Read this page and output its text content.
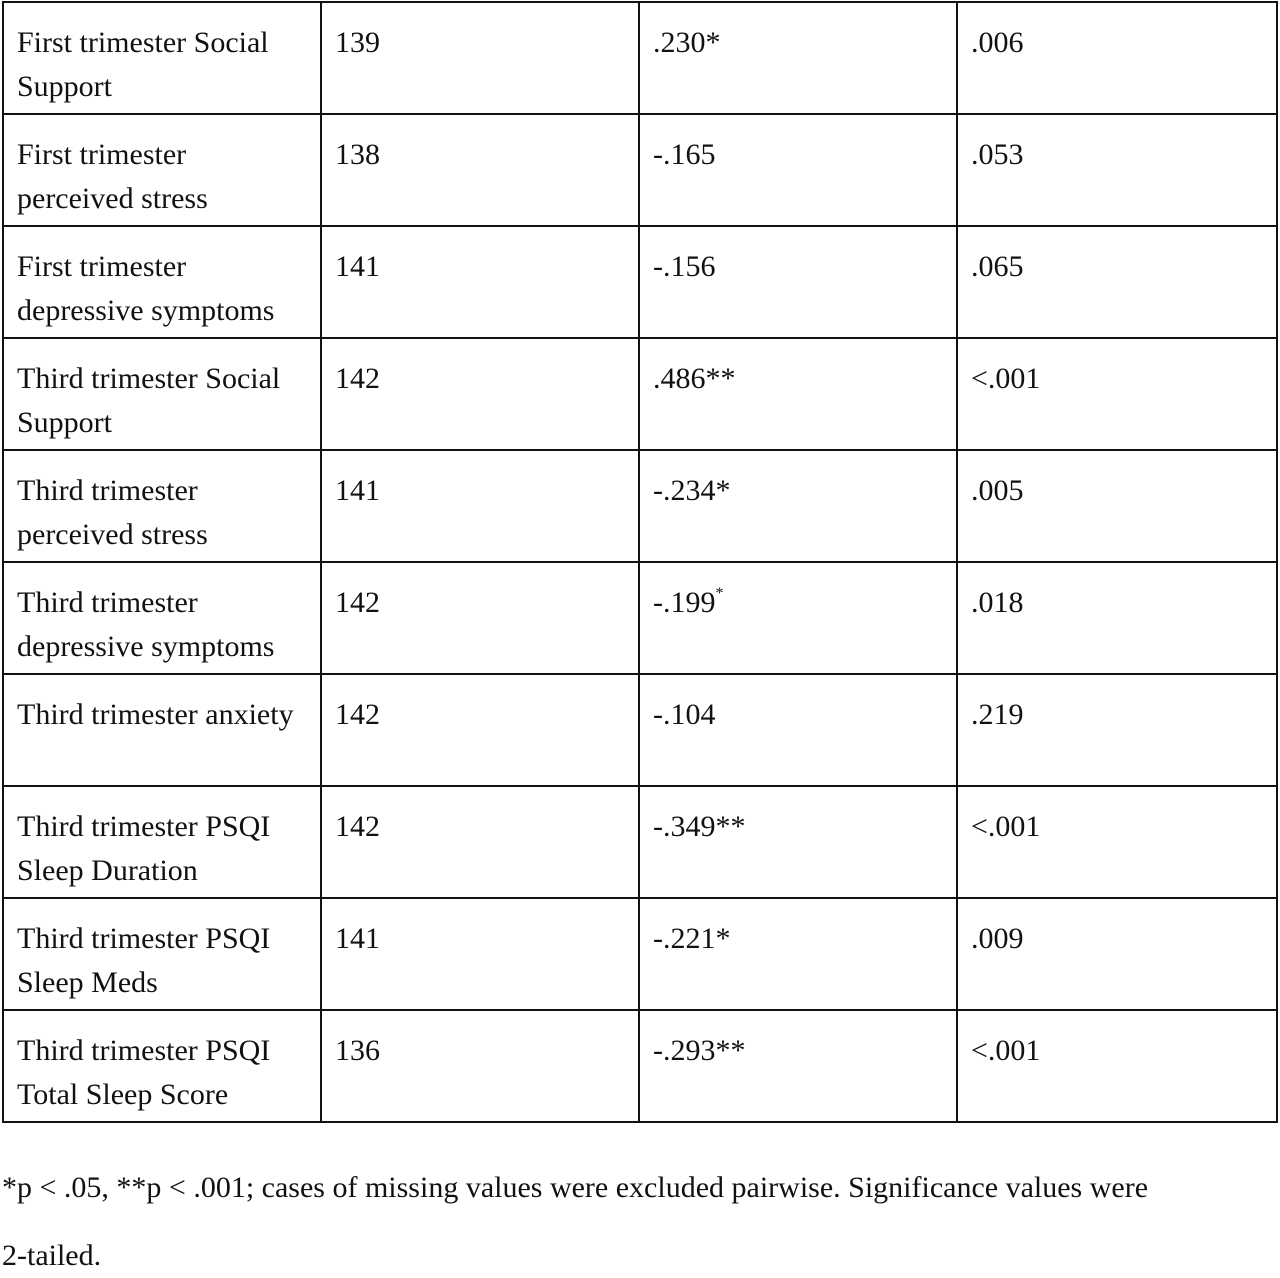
First trimester Social Support	139	.230*	.006
First trimester perceived stress	138	-.165	.053
First trimester depressive symptoms	141	-.156	.065
Third trimester Social Support	142	.486**	<.001
Third trimester perceived stress	141	-.234*	.005
Third trimester depressive symptoms	142	-.199*	.018
Third trimester anxiety	142	-.104	.219
Third trimester PSQI Sleep Duration	142	-.349**	<.001
Third trimester PSQI Sleep Meds	141	-.221*	.009
Third trimester PSQI Total Sleep Score	136	-.293**	<.001

*p < .05, **p < .001; cases of missing values were excluded pairwise. Significance values were
2-tailed.
